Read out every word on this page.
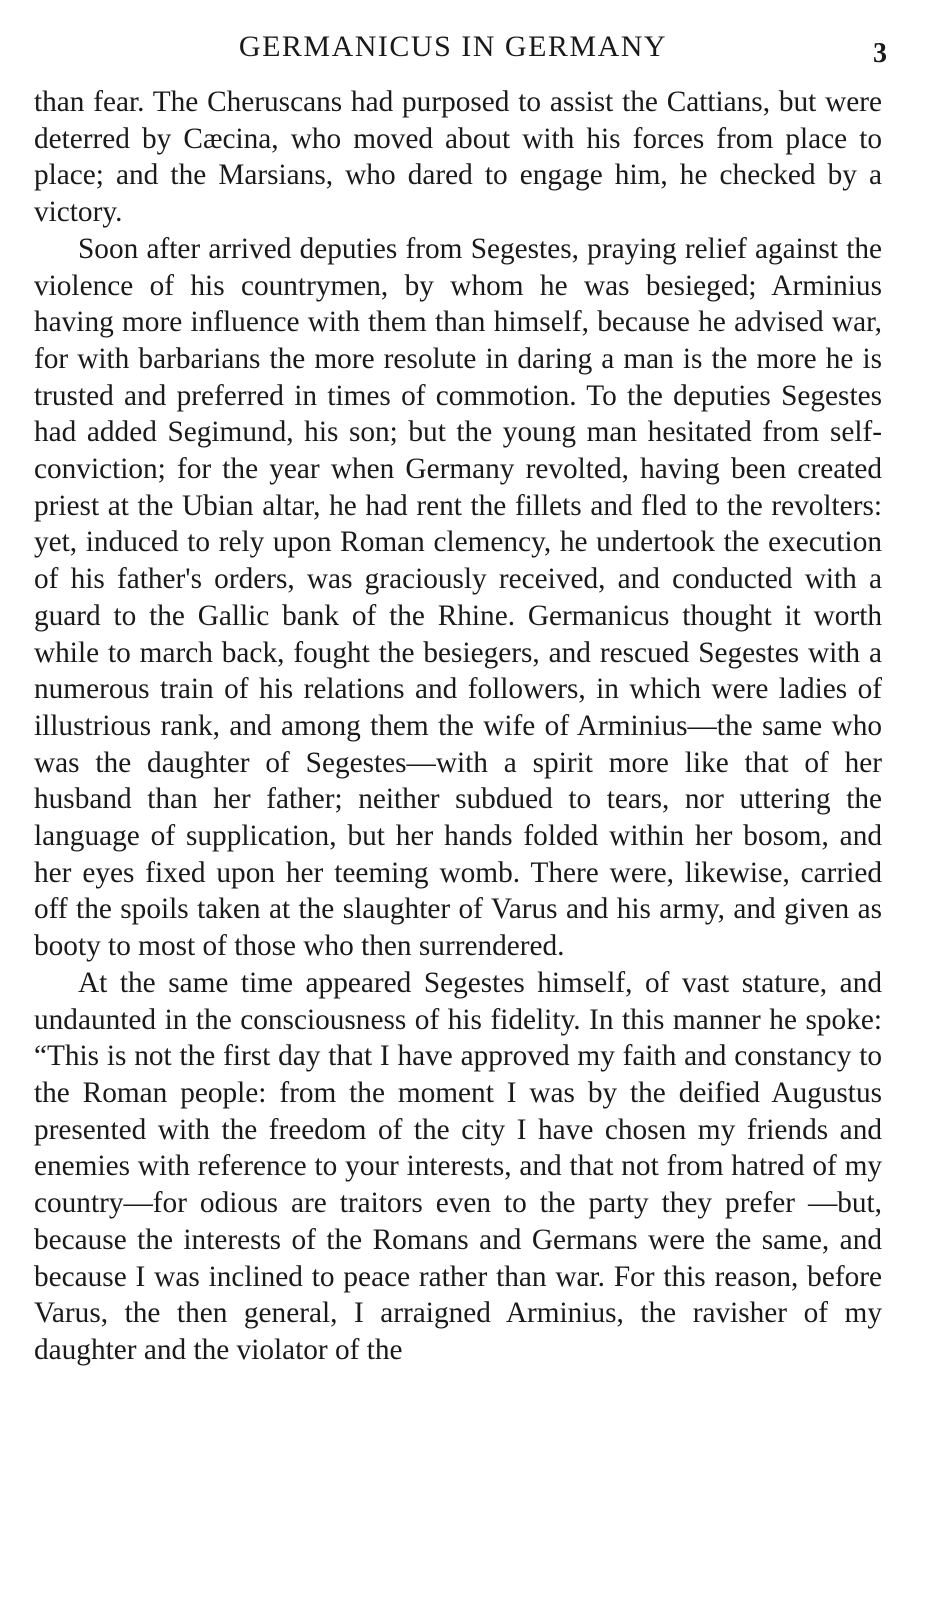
GERMANICUS IN GERMANY	3

than fear. The Cheruscans had purposed to assist the Cattians, but were deterred by Cæcina, who moved about with his forces from place to place; and the Marsians, who dared to engage him, he checked by a victory.

Soon after arrived deputies from Segestes, praying relief against the violence of his countrymen, by whom he was besieged; Arminius having more influence with them than himself, because he advised war, for with barbarians the more resolute in daring a man is the more he is trusted and preferred in times of commotion. To the deputies Segestes had added Segimund, his son; but the young man hesitated from self-conviction; for the year when Germany revolted, having been created priest at the Ubian altar, he had rent the fillets and fled to the revolters: yet, induced to rely upon Roman clemency, he undertook the execution of his father's orders, was graciously received, and conducted with a guard to the Gallic bank of the Rhine. Germanicus thought it worth while to march back, fought the besiegers, and rescued Segestes with a numerous train of his relations and followers, in which were ladies of illustrious rank, and among them the wife of Arminius—the same who was the daughter of Segestes—with a spirit more like that of her husband than her father; neither subdued to tears, nor uttering the language of supplication, but her hands folded within her bosom, and her eyes fixed upon her teeming womb. There were, likewise, carried off the spoils taken at the slaughter of Varus and his army, and given as booty to most of those who then surrendered.

At the same time appeared Segestes himself, of vast stature, and undaunted in the consciousness of his fidelity. In this manner he spoke: “This is not the first day that I have approved my faith and constancy to the Roman people: from the moment I was by the deified Augustus presented with the freedom of the city I have chosen my friends and enemies with reference to your interests, and that not from hatred of my country—for odious are traitors even to the party they prefer —but, because the interests of the Romans and Germans were the same, and because I was inclined to peace rather than war. For this reason, before Varus, the then general, I arraigned Arminius, the ravisher of my daughter and the violator of the
